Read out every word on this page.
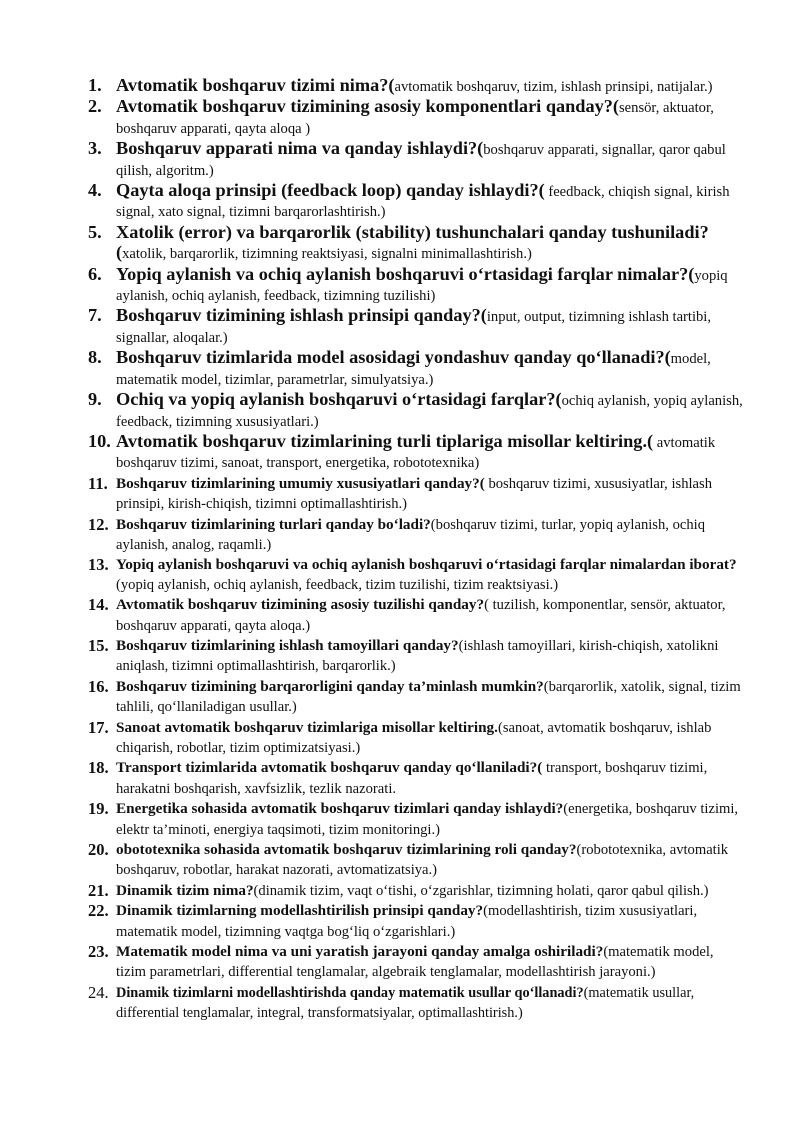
1. Avtomatik boshqaruv tizimi nima?(avtomatik boshqaruv, tizim, ishlash prinsipi, natijalar.)
2. Avtomatik boshqaruv tizimining asosiy komponentlari qanday?(sensör, aktuator, boshqaruv apparati, qayta aloqa )
3. Boshqaruv apparati nima va qanday ishlaydi?(boshqaruv apparati, signallar, qaror qabul qilish, algoritm.)
4. Qayta aloqa prinsipi (feedback loop) qanday ishlaydi?( feedback, chiqish signal, kirish signal, xato signal, tizimni barqarorlashtirish.)
5. Xatolik (error) va barqarorlik (stability) tushunchalari qanday tushuniladi? (xatolik, barqarorlik, tizimning reaktsiyasi, signalni minimallashtirish.)
6. Yopiq aylanish va ochiq aylanish boshqaruvi o‘rtasidagi farqlar nimalar?(yopiq aylanish, ochiq aylanish, feedback, tizimning tuzilishi)
7. Boshqaruv tizimining ishlash prinsipi qanday?(input, output, tizimning ishlash tartibi, signallar, aloqalar.)
8. Boshqaruv tizimlarida model asosidagi yondashuv qanday qo‘llanadi?(model, matematik model, tizimlar, parametrlar, simulyatsiya.)
9. Ochiq va yopiq aylanish boshqaruvi o‘rtasidagi farqlar?(ochiq aylanish, yopiq aylanish, feedback, tizimning xususiyatlari.)
10. Avtomatik boshqaruv tizimlarining turli tiplariga misollar keltiring.( avtomatik boshqaruv tizimi, sanoat, transport, energetika, robototexnika)
11. Boshqaruv tizimlarining umumiy xususiyatlari qanday?( boshqaruv tizimi, xususiyatlar, ishlash prinsipi, kirish-chiqish, tizimni optimallashtirish.)
12. Boshqaruv tizimlarining turlari qanday bo‘ladi?(boshqaruv tizimi, turlar, yopiq aylanish, ochiq aylanish, analog, raqamli.)
13. Yopiq aylanish boshqaruvi va ochiq aylanish boshqaruvi o‘rtasidagi farqlar nimalardan iborat?(yopiq aylanish, ochiq aylanish, feedback, tizim tuzilishi, tizim reaktsiyasi.)
14. Avtomatik boshqaruv tizimining asosiy tuzilishi qanday?( tuzilish, komponentlar, sensör, aktuator, boshqaruv apparati, qayta aloqa.)
15. Boshqaruv tizimlarining ishlash tamoyillari qanday?(ishlash tamoyillari, kirish-chiqish, xatolikni aniqlash, tizimni optimallashtirish, barqarorlik.)
16. Boshqaruv tizimining barqarorligini qanday ta’minlash mumkin?(barqarorlik, xatolik, signal, tizim tahlili, qo‘llaniladigan usullar.)
17. Sanoat avtomatik boshqaruv tizimlariga misollar keltiring.(sanoat, avtomatik boshqaruv, ishlab chiqarish, robotlar, tizim optimizatsiyasi.)
18. Transport tizimlarida avtomatik boshqaruv qanday qo‘llaniladi?( transport, boshqaruv tizimi, harakatni boshqarish, xavfsizlik, tezlik nazorati.
19. Energetika sohasida avtomatik boshqaruv tizimlari qanday ishlaydi?(energetika, boshqaruv tizimi, elektr ta’minoti, energiya taqsimoti, tizim monitoringi.)
20. obototexnika sohasida avtomatik boshqaruv tizimlarining roli qanday?(robototexnika, avtomatik boshqaruv, robotlar, harakat nazorati, avtomatizatsiya.)
21. Dinamik tizim nima?(dinamik tizim, vaqt o‘tishi, o‘zgarishlar, tizimning holati, qaror qabul qilish.)
22. Dinamik tizimlarning modellashtirilish prinsipi qanday?(modellashtirish, tizim xususiyatlari, matematik model, tizimning vaqtga bog‘liq o‘zgarishlari.)
23. Matematik model nima va uni yaratish jarayoni qanday amalga oshiriladi?(matematik model, tizim parametrlari, differential tenglamalar, algebraik tenglamalar, modellashtirish jarayoni.)
24. Dinamik tizimlarni modellashtirishda qanday matematik usullar qo‘llanadi?(matematik usullar, differential tenglamalar, integral, transformatsiyalar, optimallashtirish.)
